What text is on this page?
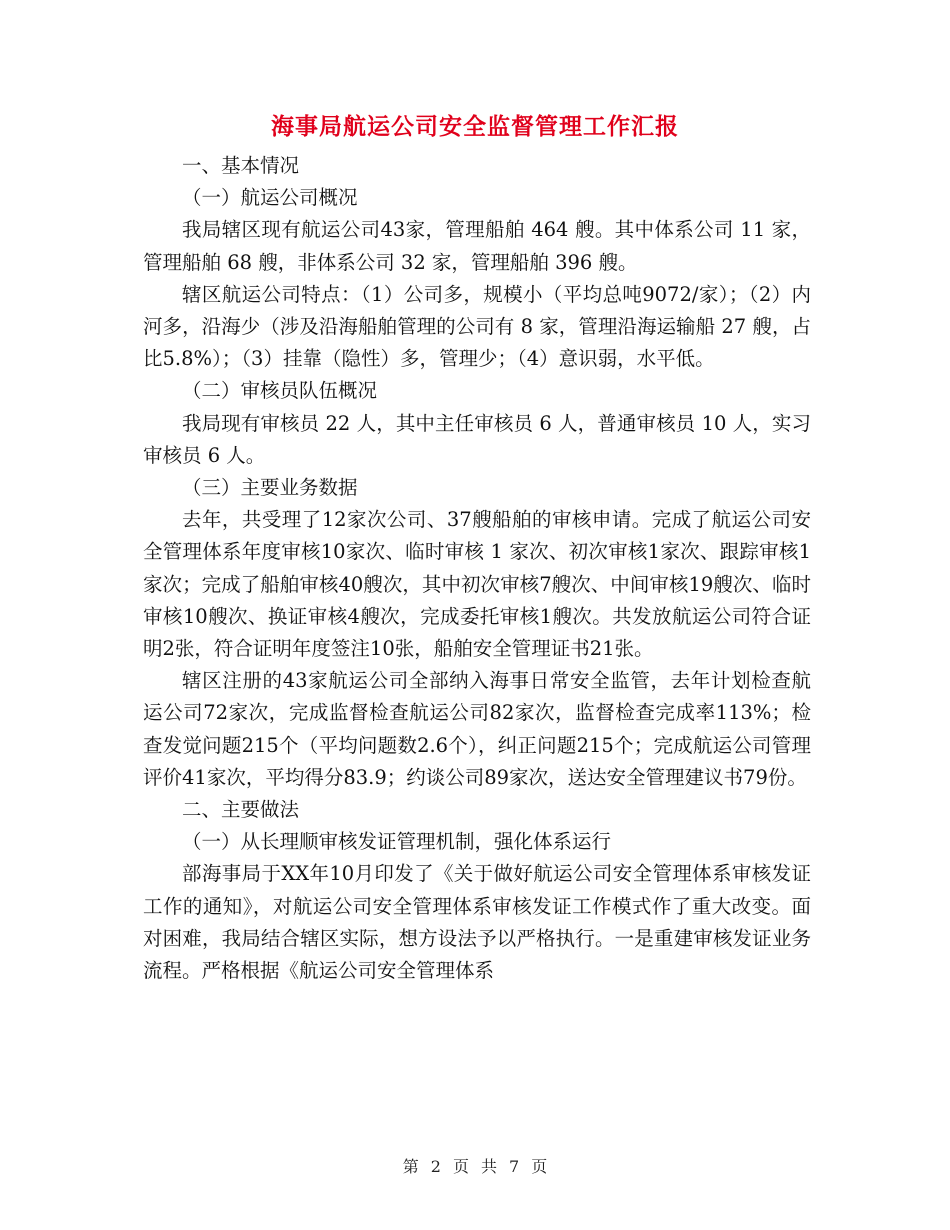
海事局航运公司安全监督管理工作汇报

一、基本情况

（一）航运公司概况

我局辖区现有航运公司43家，管理船舶 464 艘。其中体系公司 11 家，管理船舶 68 艘，非体系公司 32 家，管理船舶 396 艘。

辖区航运公司特点：（1）公司多，规模小（平均总吨9072/家）；（2）内河多，沿海少（涉及沿海船舶管理的公司有 8 家，管理沿海运输船 27 艘，占比5.8%）；（3）挂靠（隐性）多，管理少；（4）意识弱，水平低。

（二）审核员队伍概况

我局现有审核员 22 人，其中主任审核员 6 人，普通审核员 10 人，实习审核员 6 人。

（三）主要业务数据

去年，共受理了12家次公司、37艘船舶的审核申请。完成了航运公司安全管理体系年度审核10家次、临时审核 1 家次、初次审核1家次、跟踪审核1家次；完成了船舶审核40艘次，其中初次审核7艘次、中间审核19艘次、临时审核10艘次、换证审核4艘次，完成委托审核1艘次。共发放航运公司符合证明2张，符合证明年度签注10张，船舶安全管理证书21张。

辖区注册的43家航运公司全部纳入海事日常安全监管，去年计划检查航运公司72家次，完成监督检查航运公司82家次，监督检查完成率113%；检查发觉问题215个（平均问题数2.6个），纠正问题215个；完成航运公司管理评价41家次，平均得分83.9；约谈公司89家次，送达安全管理建议书79份。

二、主要做法

（一）从长理顺审核发证管理机制，强化体系运行

部海事局于XX年10月印发了《关于做好航运公司安全管理体系审核发证工作的通知》，对航运公司安全管理体系审核发证工作模式作了重大改变。面对困难，我局结合辖区实际，想方设法予以严格执行。一是重建审核发证业务流程。严格根据《航运公司安全管理体系

第 2 页 共 7 页
